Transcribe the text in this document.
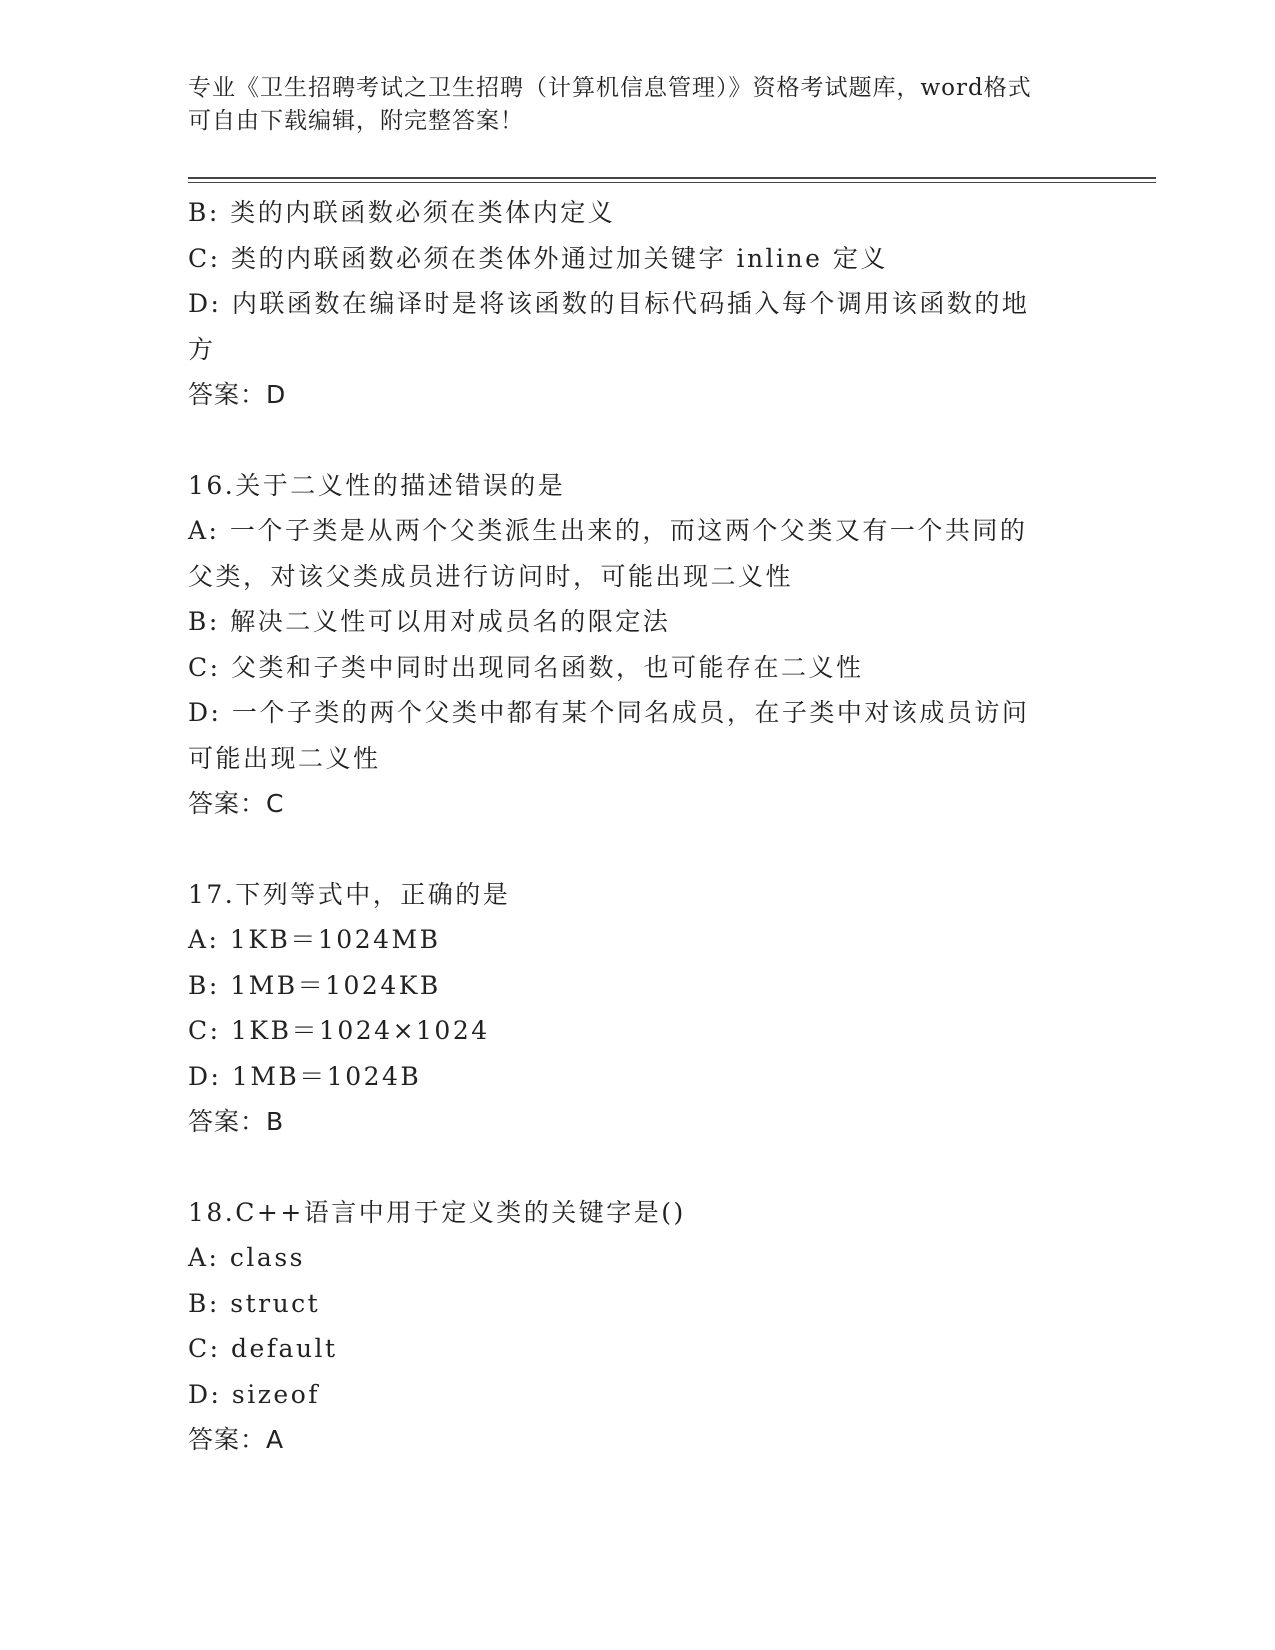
专业《卫生招聘考试之卫生招聘（计算机信息管理）》资格考试题库，word格式
可自由下载编辑，附完整答案！
B: 类的内联函数必须在类体内定义
C: 类的内联函数必须在类体外通过加关键字 inline 定义
D: 内联函数在编译时是将该函数的目标代码插入每个调用该函数的地
方
答案：D
16.关于二义性的描述错误的是
A: 一个子类是从两个父类派生出来的，而这两个父类又有一个共同的
父类，对该父类成员进行访问时，可能出现二义性
B: 解决二义性可以用对成员名的限定法
C: 父类和子类中同时出现同名函数，也可能存在二义性
D: 一个子类的两个父类中都有某个同名成员，在子类中对该成员访问
可能出现二义性
答案：C
17.下列等式中，正确的是
A: 1KB＝1024MB
B: 1MB＝1024KB
C: 1KB＝1024×1024
D: 1MB＝1024B
答案：B
18.C++语言中用于定义类的关键字是()
A: class
B: struct
C: default
D: sizeof
答案：A
